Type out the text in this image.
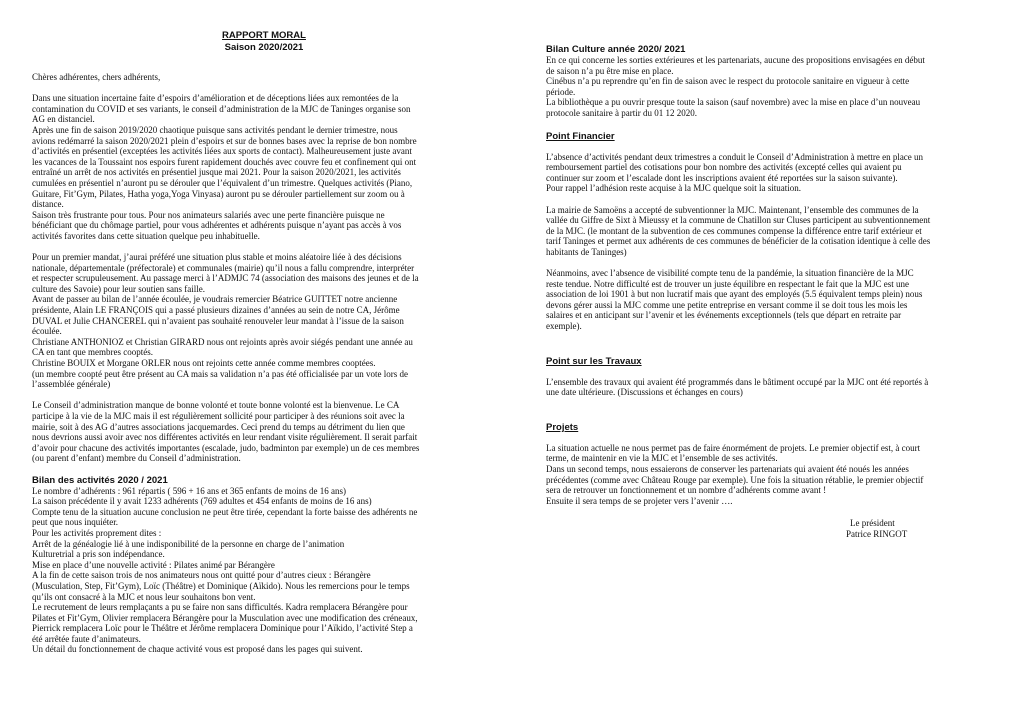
RAPPORT MORAL
Saison 2020/2021

Chères adhérentes, chers adhérents,

Dans une situation incertaine faite d’espoirs d’amélioration et de déceptions liées aux remontées de la

contamination du COVID et ses variants, le conseil d’administration de la MJC de Taninges organise son

AG en distanciel.

Après une fin de saison 2019/2020 chaotique puisque sans activités pendant le dernier trimestre, nous

avions redémarré la saison 2020/2021 plein d’espoirs et sur de bonnes bases avec la reprise de bon nombre

d’activités en présentiel (exceptées les activités liées aux sports de contact). Malheureusement juste avant

les vacances de la Toussaint nos espoirs furent rapidement douchés avec couvre feu et confinement qui ont

entraîné un arrêt de nos activités en présentiel jusque mai 2021. Pour la saison 2020/2021, les activités

cumulées en présentiel n’auront pu se dérouler que l’équivalent d’un trimestre. Quelques activités (Piano,

Guitare, Fit’Gym, Pilates, Hatha yoga,Yoga Vinyasa) auront pu se dérouler partiellement sur zoom ou à

distance.

Saison très frustrante pour tous. Pour nos animateurs salariés avec une perte financière puisque ne

bénéficiant que du chômage partiel, pour vous adhérentes et adhérents puisque n’ayant pas accès à vos

activités favorites dans cette situation quelque peu inhabituelle.

Pour un premier mandat, j’aurai préféré une situation plus stable et moins aléatoire liée à des décisions

nationale, départementale (préfectorale) et communales (mairie) qu’il nous a fallu comprendre, interpréter

et respecter scrupuleusement. Au passage merci à l’ADMJC 74 (association des maisons des jeunes et de la

culture des Savoie) pour leur soutien sans faille.

Avant de passer au bilan de l’année écoulée, je voudrais remercier Béatrice GUITTET notre ancienne

présidente, Alain LE FRANÇOIS qui a passé plusieurs dizaines d’années au sein de notre CA, Jérôme

DUVAL et Julie CHANCEREL qui n’avaient pas souhaité renouveler leur mandat à l’issue de la saison

écoulée.

Christiane ANTHONIOZ et Christian GIRARD nous ont rejoints après avoir siégés pendant une année au

CA en tant que membres cooptés.

Christine BOUIX et Morgane ORLER nous ont rejoints cette année comme membres cooptées.

(un membre coopté peut être présent au CA mais sa validation n’a pas été officialisée par un vote lors de

l’assemblée générale)

Le Conseil d’administration manque de bonne volonté et toute bonne volonté est la bienvenue. Le CA

participe à la vie de la MJC mais il est régulièrement sollicité pour participer à des réunions soit avec la

mairie, soit à des AG d’autres associations jacquemardes. Ceci prend du temps au détriment du lien que

nous devrions aussi avoir avec nos différentes activités en leur rendant visite régulièrement. Il serait parfait

d’avoir pour chacune des activités importantes (escalade, judo, badminton par exemple) un de ces membres

(ou parent d’enfant) membre du Conseil d’administration.

Bilan des activités 2020 / 2021

Le nombre d’adhérents : 961 répartis ( 596 + 16 ans et 365 enfants de moins de 16 ans)

La saison précédente il y avait 1233 adhérents (769 adultes et 454 enfants de moins de 16 ans)

Compte tenu de la situation aucune conclusion ne peut être tirée, cependant la forte baisse des adhérents ne

peut que nous inquiéter.

Pour les activités proprement dites :

Arrêt de la généalogie lié à une indisponibilité de la personne en charge de l’animation

Kulturetrial a pris son indépendance.

Mise en place d’une nouvelle activité : Pilates animé par Bérangère

A la fin de cette saison trois de nos animateurs nous ont quitté pour d’autres cieux : Bérangère

(Musculation, Step, Fit’Gym), Loïc (Théâtre) et Dominique (Aïkido). Nous les remercions pour le temps

qu’ils ont consacré à la MJC et nous leur souhaitons bon vent.

Le recrutement de leurs remplaçants a pu se faire non sans difficultés. Kadra remplacera Bérangère pour

Pilates et Fit’Gym, Olivier remplacera Bérangère pour la Musculation avec une modification des créneaux,

Pierrick remplacera Loïc pour le Théâtre et Jérôme remplacera Dominique pour l’Aïkido, l’activité Step a

été arrêtée faute d’animateurs.

Un détail du fonctionnement de chaque activité vous est proposé dans les pages qui suivent.

Bilan Culture année 2020/ 2021

En ce qui concerne les sorties extérieures et les partenariats, aucune des propositions envisagées en début

de saison n’a pu être mise en place.

Cinébus n’a pu reprendre qu’en fin de saison avec le respect du protocole sanitaire en vigueur à cette

période.

La bibliothèque a pu ouvrir presque toute la saison (sauf novembre) avec la mise en place d’un nouveau

protocole sanitaire à partir du 01 12 2020.

Point Financier

L’absence d’activités pendant deux trimestres a conduit le Conseil d’Administration à mettre en place un

remboursement partiel des cotisations pour bon nombre des activités (excepté celles qui avaient pu

continuer sur zoom et l’escalade dont les inscriptions avaient été reportées sur la saison suivante).

Pour rappel l’adhésion reste acquise à la MJC quelque soit la situation.

La mairie de Samoëns a accepté de subventionner la MJC. Maintenant, l’ensemble des communes de la

vallée du Giffre de Sixt à Mieussy et la commune de Chatillon sur Cluses participent au subventionnement

de la MJC. (le montant de la subvention de ces communes compense la différence entre tarif extérieur et

tarif Taninges et permet aux adhérents de ces communes de bénéficier de la cotisation identique à celle des

habitants de Taninges)

Néanmoins, avec l’absence de visibilité compte tenu de la pandémie, la situation financière de la MJC

reste tendue. Notre difficulté est de trouver un juste équilibre en respectant le fait que la MJC est une

association de loi 1901 à but non lucratif mais que ayant des employés (5.5 équivalent temps plein) nous

devons gérer aussi la MJC comme une petite entreprise en versant comme il se doit tous les mois les

salaires et en anticipant sur l’avenir et les événements exceptionnels (tels que départ en retraite par

exemple).

Point sur les Travaux

L’ensemble des travaux qui avaient été programmés dans le bâtiment occupé par la MJC ont été reportés à

une date ultérieure. (Discussions et échanges en cours)

Projets

La situation actuelle ne nous permet pas de faire énormément de projets. Le premier objectif est, à court

terme, de maintenir en vie la MJC et l’ensemble de ses activités.

Dans un second temps, nous essaierons de conserver les partenariats qui avaient été noués les années

précédentes (comme avec Château Rouge par exemple). Une fois la situation rétablie, le premier objectif

sera de retrouver un fonctionnement et un nombre d’adhérents comme avant !

Ensuite il sera temps de se projeter vers l’avenir ….

Le président

Patrice RINGOT
